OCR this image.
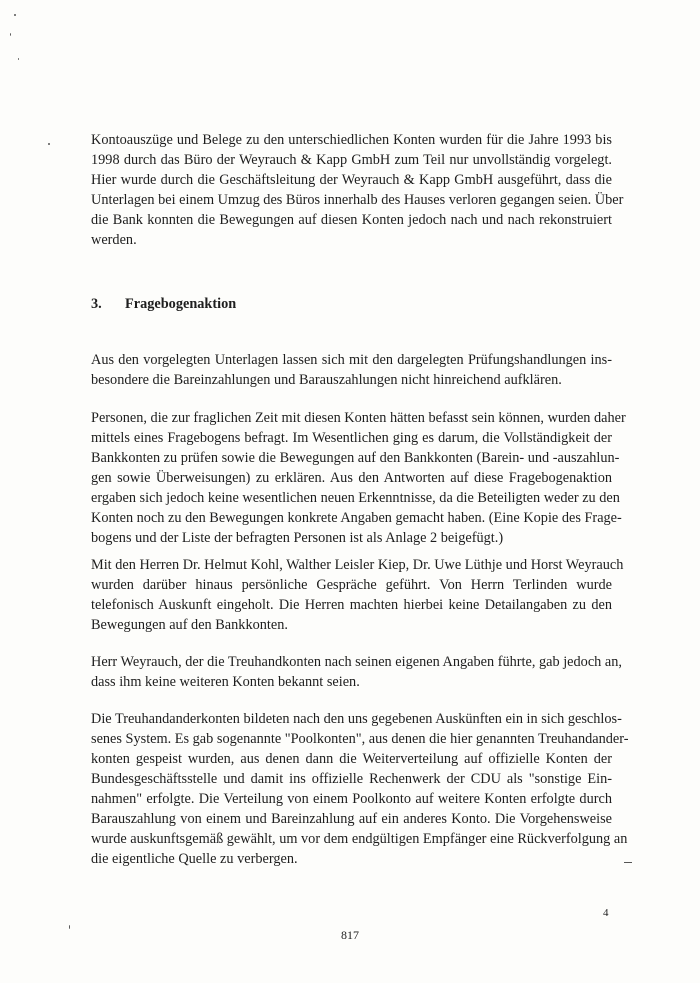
Kontoauszüge und Belege zu den unterschiedlichen Konten wurden für die Jahre 1993 bis
1998 durch das Büro der Weyrauch & Kapp GmbH zum Teil nur unvollständig vorgelegt.
Hier wurde durch die Geschäftsleitung der Weyrauch & Kapp GmbH ausgeführt, dass die
Unterlagen bei einem Umzug des Büros innerhalb des Hauses verloren gegangen seien. Über
die Bank konnten die Bewegungen auf diesen Konten jedoch nach und nach rekonstruiert
werden.
3.	Fragebogenaktion
Aus den vorgelegten Unterlagen lassen sich mit den dargelegten Prüfungshandlungen ins-
besondere die Bareinzahlungen und Barauszahlungen nicht hinreichend aufklären.
Personen, die zur fraglichen Zeit mit diesen Konten hätten befasst sein können, wurden daher
mittels eines Fragebogens befragt. Im Wesentlichen ging es darum, die Vollständigkeit der
Bankkonten zu prüfen sowie die Bewegungen auf den Bankkonten (Barein- und -auszahlun-
gen sowie Überweisungen) zu erklären. Aus den Antworten auf diese Fragebogenaktion
ergaben sich jedoch keine wesentlichen neuen Erkenntnisse, da die Beteiligten weder zu den
Konten noch zu den Bewegungen konkrete Angaben gemacht haben. (Eine Kopie des Frage-
bogens und der Liste der befragten Personen ist als Anlage 2 beigefügt.)
Mit den Herren Dr. Helmut Kohl, Walther Leisler Kiep, Dr. Uwe Lüthje und Horst Weyrauch
wurden darüber hinaus persönliche Gespräche geführt. Von Herrn Terlinden wurde
telefonisch Auskunft eingeholt. Die Herren machten hierbei keine Detailangaben zu den
Bewegungen auf den Bankkonten.
Herr Weyrauch, der die Treuhandkonten nach seinen eigenen Angaben führte, gab jedoch an,
dass ihm keine weiteren Konten bekannt seien.
Die Treuhandanderkonten bildeten nach den uns gegebenen Auskünften ein in sich geschlos-
senes System. Es gab sogenannte "Poolkonten", aus denen die hier genannten Treuhandander-
konten gespeist wurden, aus denen dann die Weiterverteilung auf offizielle Konten der
Bundesgeschäftsstelle und damit ins offizielle Rechenwerk der CDU als "sonstige Ein-
nahmen" erfolgte. Die Verteilung von einem Poolkonto auf weitere Konten erfolgte durch
Barauszahlung von einem und Bareinzahlung auf ein anderes Konto. Die Vorgehensweise
wurde auskunftsgemäß gewählt, um vor dem endgültigen Empfänger eine Rückverfolgung an
die eigentliche Quelle zu verbergen.

4

817
